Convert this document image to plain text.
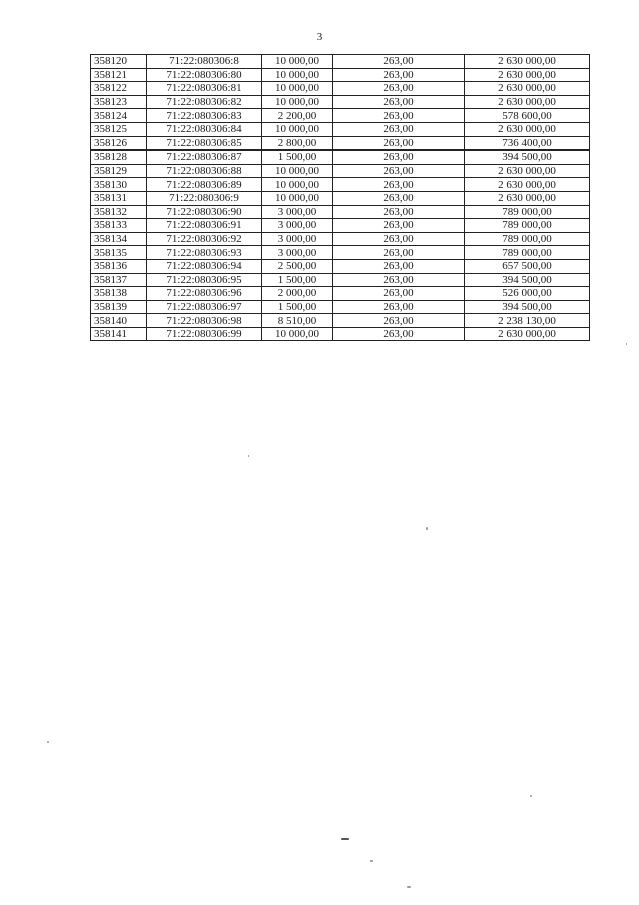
3
358120	71:22:080306:8	10 000,00	263,00	2 630 000,00
358121	71:22:080306:80	10 000,00	263,00	2 630 000,00
358122	71:22:080306:81	10 000,00	263,00	2 630 000,00
358123	71:22:080306:82	10 000,00	263,00	2 630 000,00
358124	71:22:080306:83	2 200,00	263,00	578 600,00
358125	71:22:080306:84	10 000,00	263,00	2 630 000,00
358126	71:22:080306:85	2 800,00	263,00	736 400,00
358128	71:22:080306:87	1 500,00	263,00	394 500,00
358129	71:22:080306:88	10 000,00	263,00	2 630 000,00
358130	71:22:080306:89	10 000,00	263,00	2 630 000,00
358131	71:22:080306:9	10 000,00	263,00	2 630 000,00
358132	71:22:080306:90	3 000,00	263,00	789 000,00
358133	71:22:080306:91	3 000,00	263,00	789 000,00
358134	71:22:080306:92	3 000,00	263,00	789 000,00
358135	71:22:080306:93	3 000,00	263,00	789 000,00
358136	71:22:080306:94	2 500,00	263,00	657 500,00
358137	71:22:080306:95	1 500,00	263,00	394 500,00
358138	71:22:080306:96	2 000,00	263,00	526 000,00
358139	71:22:080306:97	1 500,00	263,00	394 500,00
358140	71:22:080306:98	8 510,00	263,00	2 238 130,00
358141	71:22:080306:99	10 000,00	263,00	2 630 000,00
